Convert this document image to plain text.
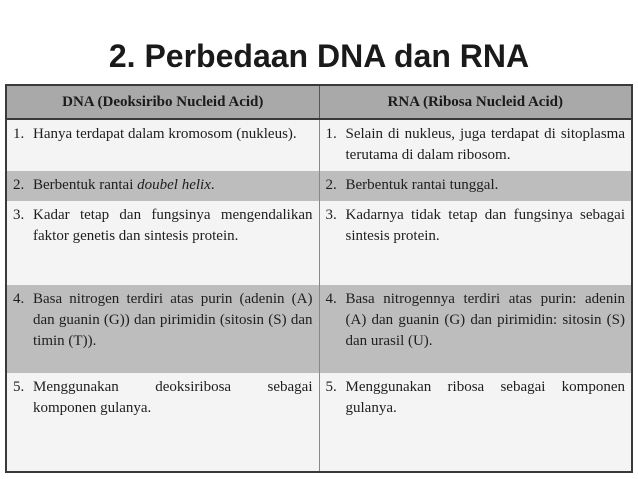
2. Perbedaan DNA dan RNA
DNA (Deoksiribo Nucleid Acid)	RNA (Ribosa Nucleid Acid)

1. Hanya terdapat dalam kromosom (nukleus).	1. Selain di nukleus, juga terdapat di sitoplasma terutama di dalam ribosom.

2. Berbentuk rantai doubel helix.	2. Berbentuk rantai tunggal.

3. Kadar tetap dan fungsinya mengendalikan faktor genetis dan sintesis protein.	3. Kadarnya tidak tetap dan fungsinya sebagai sintesis protein.

4. Basa nitrogen terdiri atas purin (adenin (A) dan guanin (G)) dan pirimidin (sitosin (S) dan timin (T)).	4. Basa nitrogennya terdiri atas purin: adenin (A) dan guanin (G) dan pirimidin: sitosin (S) dan urasil (U).

5. Menggunakan deoksiribosa sebagai komponen gulanya.	5. Menggunakan ribosa sebagai komponen gulanya.
